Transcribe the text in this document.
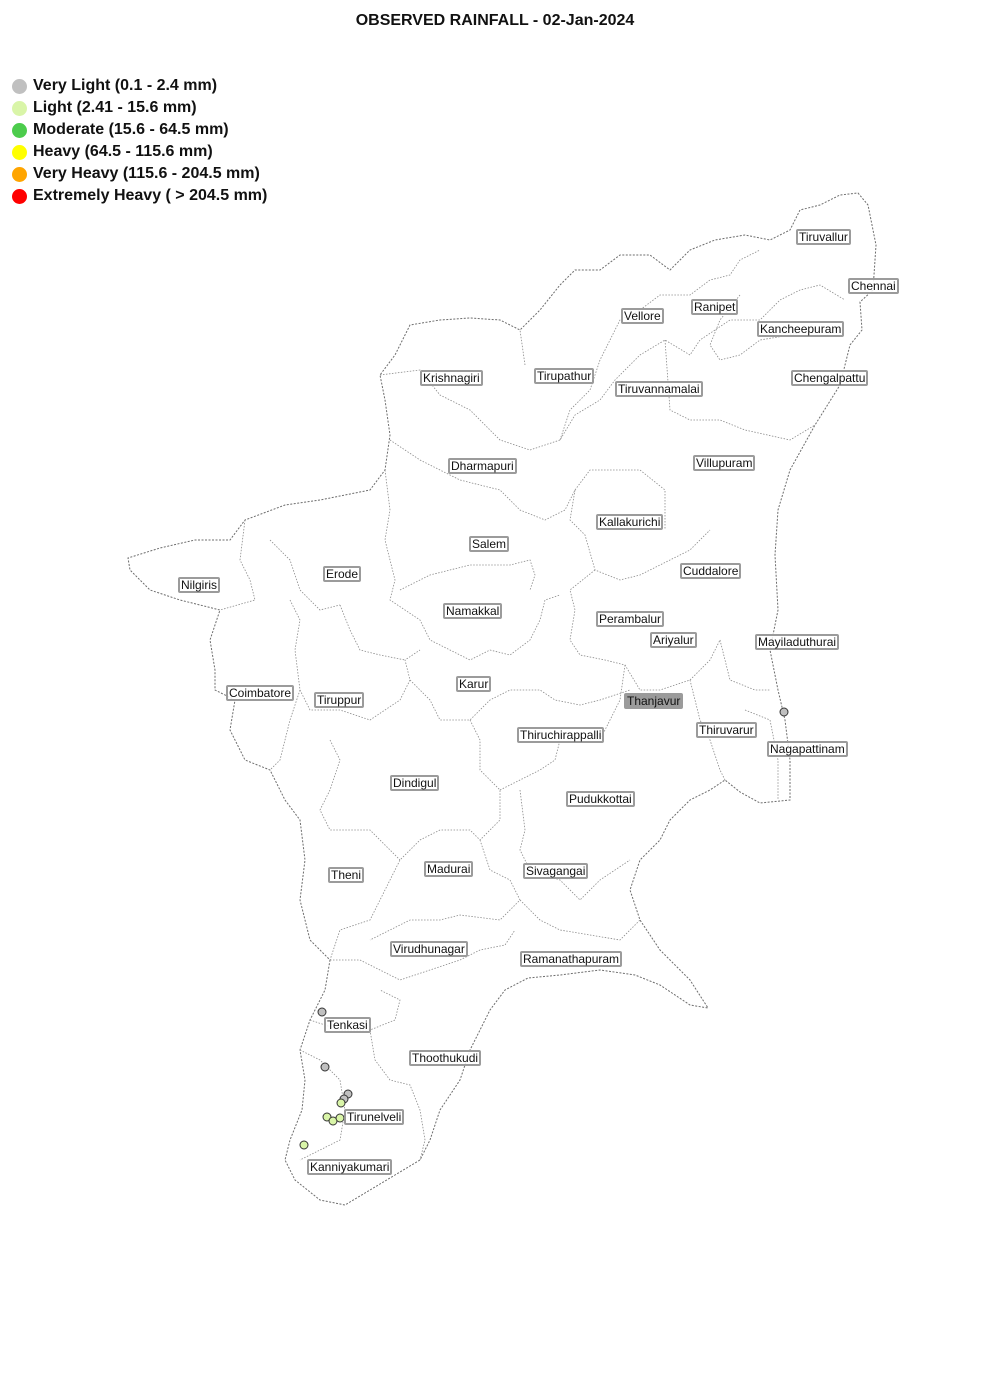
OBSERVED RAINFALL - 02-Jan-2024
Very Light (0.1 - 2.4 mm)
Light (2.41 - 15.6 mm)
Moderate (15.6 - 64.5 mm)
Heavy (64.5 - 115.6 mm)
Very Heavy (115.6 - 204.5 mm)
Extremely Heavy ( > 204.5 mm)
Tiruvallur
Chennai
Ranipet
Vellore
Kancheepuram
Krishnagiri	Tirupathur
Tiruvannamalai
Chengalpattu
Dharmapuri	Villupuram
Kallakurichi
Salem
Nilgiris
Erode	Cuddalore
Namakkal
Perambalur
Ariyalur	Mayiladuthurai
Karur
Coimbatore Tiruppur	Thanjavur
Thiruvarur
Thiruchirappalli
Nagapattinam
Dindigul
Pudukkottai
Madurai
Theni	Sivagangai
Virudhunagar
Ramanathapuram
Tenkasi
Thoothukudi
Tirunelveli
Kanniyakumari
